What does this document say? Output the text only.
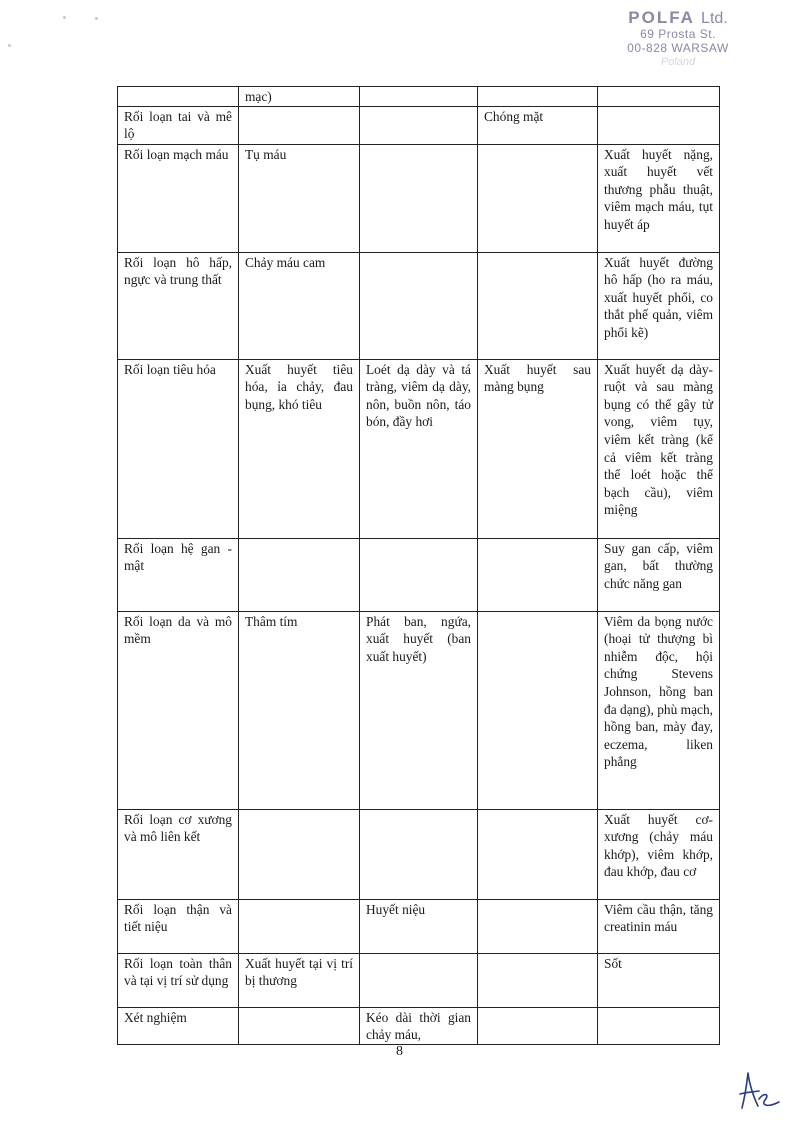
POLFA Ltd.
69 Prosta St.
00-828 WARSAW
Poland
	mạc)			
Rối loạn tai và mê lộ			Chóng mặt	
Rối loạn mạch máu	Tụ máu			Xuất huyết nặng, xuất huyết vết thương phẫu thuật, viêm mạch máu, tụt huyết áp
Rối loạn hô hấp, ngực và trung thất	Chảy máu cam			Xuất huyết đường hô hấp (ho ra máu, xuất huyết phổi, co thắt phế quản, viêm phổi kẽ)
Rối loạn tiêu hóa	Xuất huyết tiêu hóa, ỉa chảy, đau bụng, khó tiêu	Loét dạ dày và tá tràng, viêm dạ dày, nôn, buồn nôn, táo bón, đầy hơi	Xuất huyết sau màng bụng	Xuất huyết dạ dày-ruột và sau màng bụng có thể gây tử vong, viêm tụy, viêm kết tràng (kể cả viêm kết tràng thể loét hoặc thể bạch cầu), viêm miệng
Rối loạn hệ gan - mật				Suy gan cấp, viêm gan, bất thường chức năng gan
Rối loạn da và mô mềm	Thâm tím	Phát ban, ngứa, xuất huyết (ban xuất huyết)		Viêm da bọng nước (hoại tử thượng bì nhiễm độc, hội chứng Stevens Johnson, hồng ban đa dạng), phù mạch, hồng ban, mày đay, eczema, liken phẳng
Rối loạn cơ xương và mô liên kết				Xuất huyết cơ-xương (chảy máu khớp), viêm khớp, đau khớp, đau cơ
Rối loạn thận và tiết niệu		Huyết niệu		Viêm cầu thận, tăng creatinin máu
Rối loạn toàn thân và tại vị trí sử dụng	Xuất huyết tại vị trí bị thương			Sốt
Xét nghiệm		Kéo dài thời gian chảy máu,		
8
